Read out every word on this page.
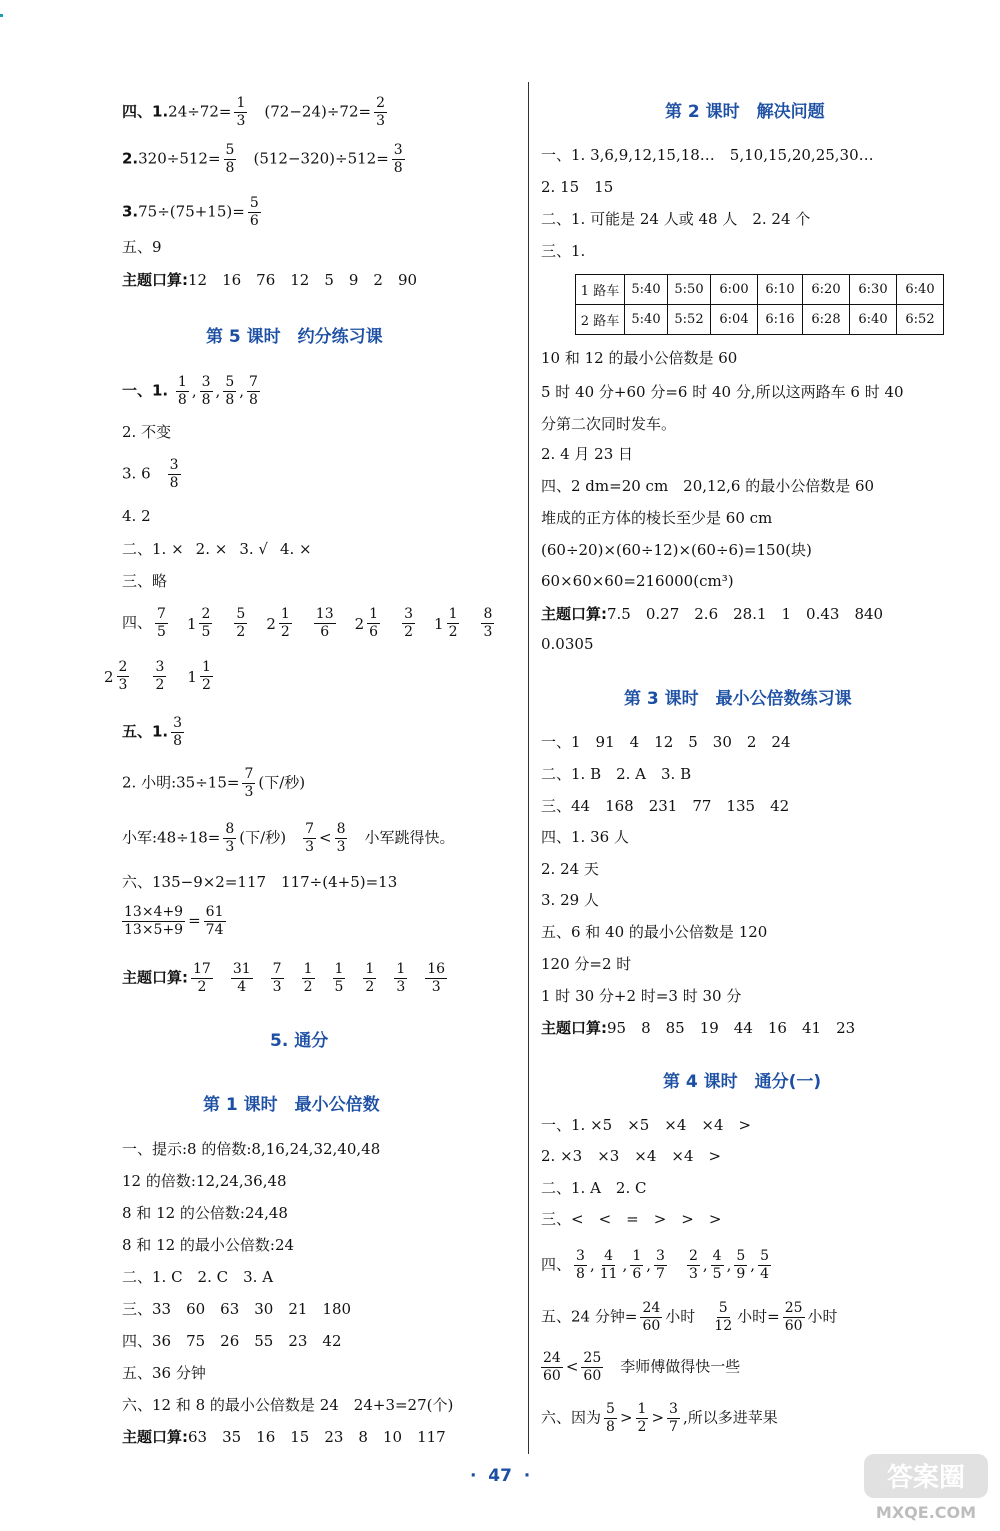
四、$1.24\div 72= \frac{1}{3} (72-24)\div 72= \frac{2}{3}$
$2.320\div 512= \frac{5}{8} (512-320)\div 512= \frac{3}{8}$
$3.75\div(75+15)= \frac{5}{6}$
五、9
主题口算:12　16　76　12　5　9　2　90
第 5 课时　约分练习课
一、1. $\frac{1}{8}$ , $\frac{3}{8}$ , $\frac{5}{8}$ , $\frac{7}{8}$
2. 不变
3. $6 \frac{3}{8}$
4. 2
二、1. × 2. × 3. √ 4. ×
三、略
四、 $\frac{7}{5} 1 \frac{2}{5} \frac{5}{2} 2 \frac{1}{2} \frac{13}{6} 2 \frac{1}{6} \frac{3}{2} 1 \frac{1}{2} \frac{8}{3}$
$2 \frac{2}{3} \frac{3}{2} 1 \frac{1}{2}$
五、1. $\frac{3}{8}$
2. 小明:35÷15= $\frac{7}{3}$ (下/秒)
小军:48÷18= $\frac{8}{3}$ (下/秒) $\frac{7}{3} < \frac{8}{3}$ 小军跳得快。
六、135−9×2=117　117÷(4+5)=13
$\frac{13\times 4+9}{13\times 5+9} = \frac{61}{74}$
主题口算: $\frac{17}{2} \frac{31}{4} \frac{7}{3} \frac{1}{2} \frac{1}{5} \frac{1}{2} \frac{1}{3} \frac{16}{3}$
5. 通分
第 1 课时　最小公倍数
一、提示:8 的倍数:8,16,24,32,40,48
12 的倍数:12,24,36,48
8 和 12 的公倍数:24,48
8 和 12 的最小公倍数:24
二、1. C　2. C　3. A
三、33　60　63　30　21　180
四、36　75　26　55　23　42
五、36 分钟
六、12 和 8 的最小公倍数是 24　24+3=27(个)
主题口算:63　35　16　15　23　8　10　117
第 2 课时　解决问题
一、1. 3,6,9,12,15,18…　5,10,15,20,25,30…
2. 15　15
二、1. 可能是 24 人或 48 人　2. 24 个
三、1.
1 路车	5:40	5:50	6:00	6:10	6:20	6:30	6:40
2 路车	5:40	5:52	6:04	6:16	6:28	6:40	6:52
10 和 12 的最小公倍数是 60
5 时 40 分+60 分=6 时 40 分,所以这两路车 6 时 40
分第二次同时发车。
2. 4 月 23 日
四、2 dm=20 cm　20,12,6 的最小公倍数是 60
堆成的正方体的棱长至少是 60 cm
(60÷20)×(60÷12)×(60÷6)=150(块)
60×60×60=216000(cm³)
主题口算:7.5　0.27　2.6　28.1　1　0.43　840
0.0305
第 3 课时　最小公倍数练习课
一、1　91　4　12　5　30　2　24
二、1. B　2. A　3. B
三、44　168　231　77　135　42
四、1. 36 人
2. 24 天
3. 29 人
五、6 和 40 的最小公倍数是 120
120 分=2 时
1 时 30 分+2 时=3 时 30 分
主题口算:95　8　85　19　44　16　41　23
第 4 课时　通分(一)
一、1. ×5　×5　×4　×4　>
2. ×3　×3　×4　×4　>
二、1. A　2. C
三、<　<　=　>　>　>
四、 $\frac{3}{8}$ , $\frac{4}{11}$ , $\frac{1}{6}$ , $\frac{3}{7} \frac{2}{3}$ , $\frac{4}{5}$ , $\frac{5}{9}$ , $\frac{5}{4}$
五、24 分钟= $\frac{24}{60}$ 小时 $\frac{5}{12}$ 小时= $\frac{25}{60}$ 小时
$\frac{24}{60} < \frac{25}{60}$ 李师傅做得快一些
六、因为 $\frac{5}{8} > \frac{1}{2} > \frac{3}{7}$ ,所以多进苹果
·  47  ·	答案圈
MXQE.COM
